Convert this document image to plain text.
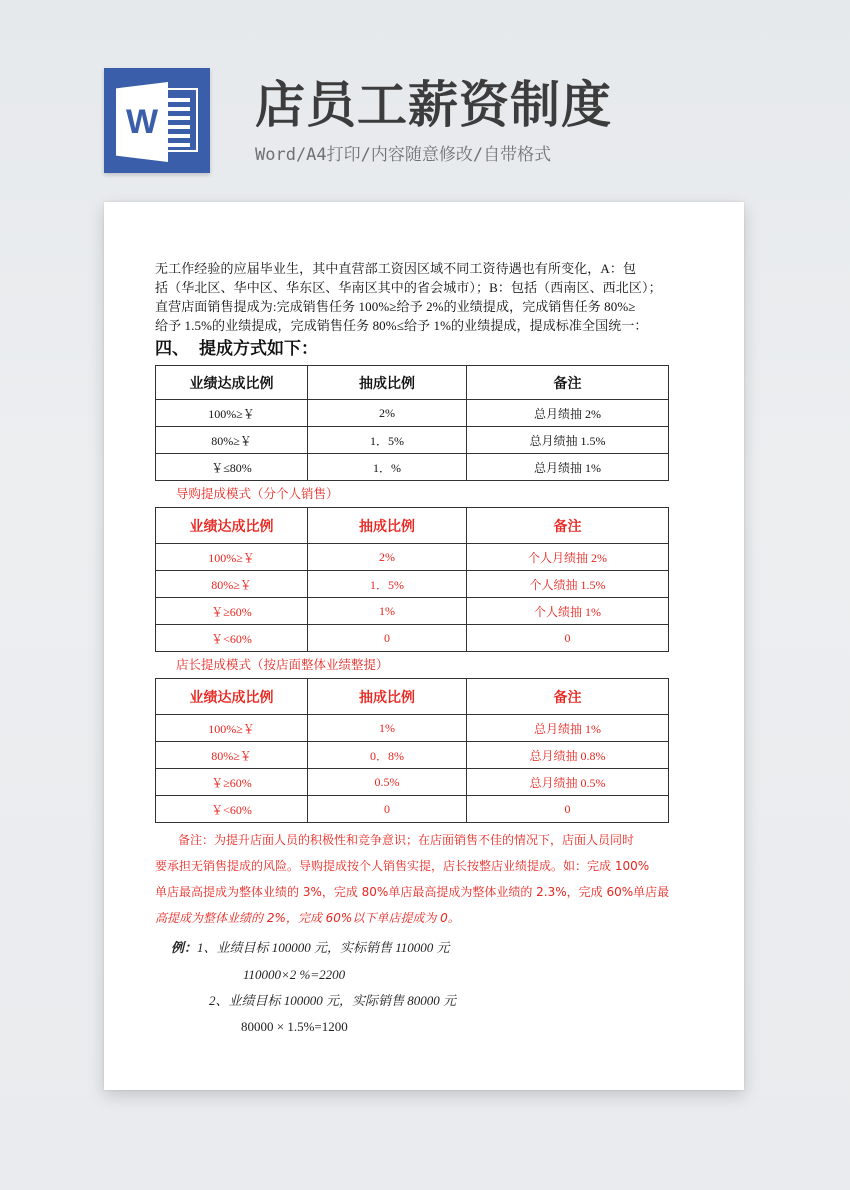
W 店员工薪资制度
Word/A4打印/内容随意修改/自带格式

无工作经验的应届毕业生，其中直营部工资因区域不同工资待遇也有所变化，A：包
括（华北区、华中区、华东区、华南区其中的省会城市）；B：包括（西南区、西北区）；
直营店面销售提成为:完成销售任务 100%≥给予 2%的业绩提成，完成销售任务 80%≥
给予 1.5%的业绩提成，完成销售任务 80%≤给予 1%的业绩提成，提成标准全国统一：

四、 提成方式如下：
业绩达成比例	抽成比例	备注
100%≥￥	2%	总月绩抽 2%
80%≥￥	1．5%	总月绩抽 1.5%
￥≤80%	1．%	总月绩抽 1%
导购提成模式（分个人销售）
业绩达成比例	抽成比例	备注
100%≥￥	2%	个人月绩抽 2%
80%≥￥	1．5%	个人绩抽 1.5%
￥≥60%	1%	个人绩抽 1%
￥<60%	0	0
店长提成模式（按店面整体业绩整提）
业绩达成比例	抽成比例	备注
100%≥￥	1%	总月绩抽 1%
80%≥￥	0．8%	总月绩抽 0.8%
￥≥60%	0.5%	总月绩抽 0.5%
￥<60%	0	0

备注：为提升店面人员的积极性和竞争意识；在店面销售不佳的情况下，店面人员同时
要承担无销售提成的风险。导购提成按个人销售实提，店长按整店业绩提成。如：完成 100%
单店最高提成为整体业绩的 3%，完成 80%单店最高提成为整体业绩的 2.3%，完成 60%单店最
高提成为整体业绩的 2%，完成 60%以下单店提成为 0。

例：1、业绩目标 100000 元，实标销售 110000 元
110000×2 %=2200
2、业绩目标 100000 元，实际销售 80000 元
80000 × 1.5%=1200
